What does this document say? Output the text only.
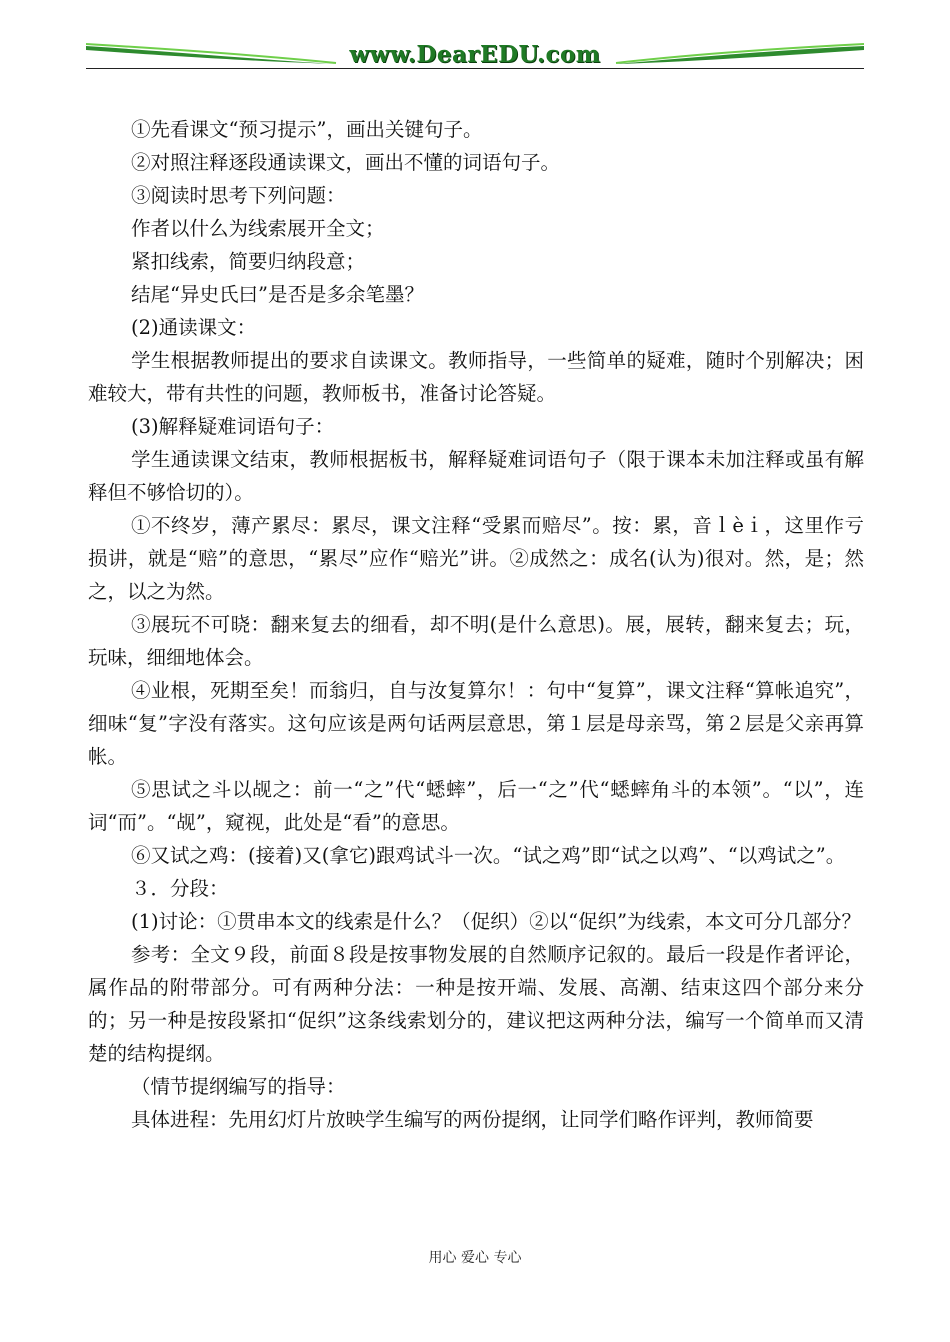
www.DearEDU.com

①先看课文“预习提示”，画出关键句子。

②对照注释逐段通读课文，画出不懂的词语句子。

③阅读时思考下列问题：

作者以什么为线索展开全文；

紧扣线索，简要归纳段意；

结尾“异史氏曰”是否是多余笔墨？

(2)通读课文：

学生根据教师提出的要求自读课文。教师指导，一些简单的疑难，随时个别解决；困难较大，带有共性的问题，教师板书，准备讨论答疑。

(3)解释疑难词语句子：

学生通读课文结束，教师根据板书，解释疑难词语句子（限于课本未加注释或虽有解释但不够恰切的）。

①不终岁，薄产累尽：累尽，课文注释“受累而赔尽”。按：累，音ｌèｉ，这里作亏损讲，就是“赔”的意思，“累尽”应作“赔光”讲。②成然之：成名(认为)很对。然，是；然之，以之为然。

③展玩不可晓：翻来复去的细看，却不明(是什么意思)。展，展转，翻来复去；玩，玩味，细细地体会。

④业根，死期至矣！而翁归，自与汝复算尔！：句中“复算”，课文注释“算帐追究”，细味“复”字没有落实。这句应该是两句话两层意思，第１层是母亲骂，第２层是父亲再算帐。

⑤思试之斗以觇之：前一“之”代“蟋蟀”，后一“之”代“蟋蟀角斗的本领”。“以”，连词“而”。“觇”，窥视，此处是“看”的意思。

⑥又试之鸡：(接着)又(拿它)跟鸡试斗一次。“试之鸡”即“试之以鸡”、“以鸡试之”。

３．分段：

(1)讨论：①贯串本文的线索是什么？（促织）②以“促织”为线索，本文可分几部分？

参考：全文９段，前面８段是按事物发展的自然顺序记叙的。最后一段是作者评论，属作品的附带部分。可有两种分法：一种是按开端、发展、高潮、结束这四个部分来分的；另一种是按段紧扣“促织”这条线索划分的，建议把这两种分法，编写一个简单而又清楚的结构提纲。

（情节提纲编写的指导：

具体进程：先用幻灯片放映学生编写的两份提纲，让同学们略作评判，教师简要

用心 爱心 专心
